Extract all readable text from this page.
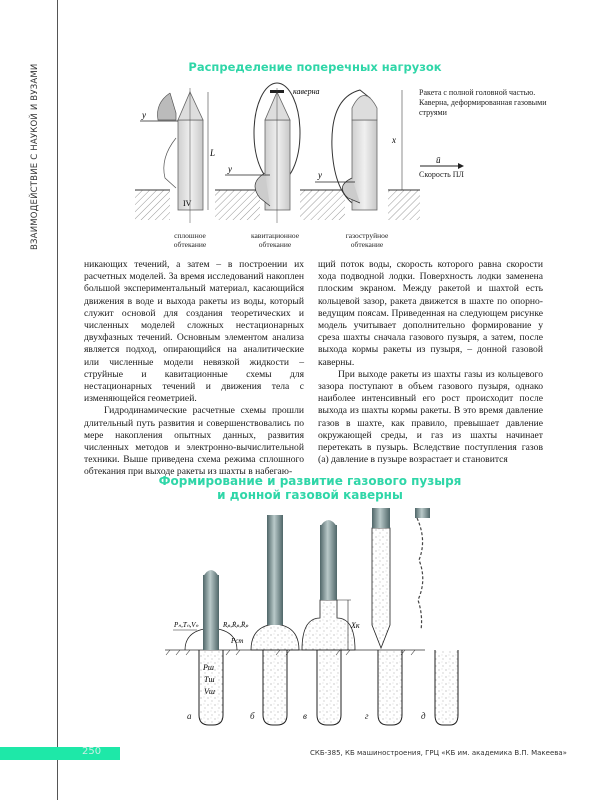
ВЗАИМОДЕЙСТВИЕ С НАУКОЙ И ВУЗАМИ	Распределение поперечных нагрузок
y
L
IV
y
каверна
y
x
Ракета с полной головной частью.
Каверна, деформированная газовыми струями
ū
Скорость ПЛ
сплошное
обтекание
кавитационное
обтекание
газоструйное
обтекание

никающих течений, а затем – в построении их расчетных моделей. За время исследований накоплен большой экспериментальный материал, касающийся движения в воде и выхода ракеты из воды, который служит основой для создания теоретических и численных моделей сложных нестационарных двухфазных течений. Основным элементом анализа является подход, опирающийся на аналитические или численные модели невязкой жидкости – струйные и кавитационные схемы для нестационарных течений и движения тела с изменяющейся геометрией.

Гидродинамические расчетные схемы прошли длительный путь развития и совершенствовались по мере накопления опытных данных, развития численных методов и электронно-вычислительной техники. Выше приведена схема режима сплошного обтекания при выходе ракеты из шахты в набегаю-

щий поток воды, скорость которого равна скорости хода подводной лодки. Поверхность лодки заменена плоским экраном. Между ракетой и шахтой есть кольцевой зазор, ракета движется в шахте по опорно-ведущим поясам. Приведенная на следующем рисунке модель учитывает дополнительно формирование у среза шахты сначала газового пузыря, а затем, после выхода кормы ракеты из пузыря, – донной газовой каверны.

При выходе ракеты из шахты газы из кольцевого зазора поступают в объем газового пузыря, однако наиболее интенсивный его рост происходит после выхода из шахты кормы ракеты. В это время давление газов в шахте, как правило, превышает давление окружающей среды, и газ из шахты начинает перетекать в пузырь. Вследствие поступления газов (а) давление в пузыре возрастает и становится

Формирование и развитие газового пузыря
и донной газовой каверны
Pₙ,Tₙ,Vₙ	Rₚ,Ṙₚ,R̈ₚ
Pст
Pш
Tш
Vш
Xк
а	б	в	г	д
250	СКБ-385, КБ машиностроения, ГРЦ «КБ им. академика В.П. Макеева»
